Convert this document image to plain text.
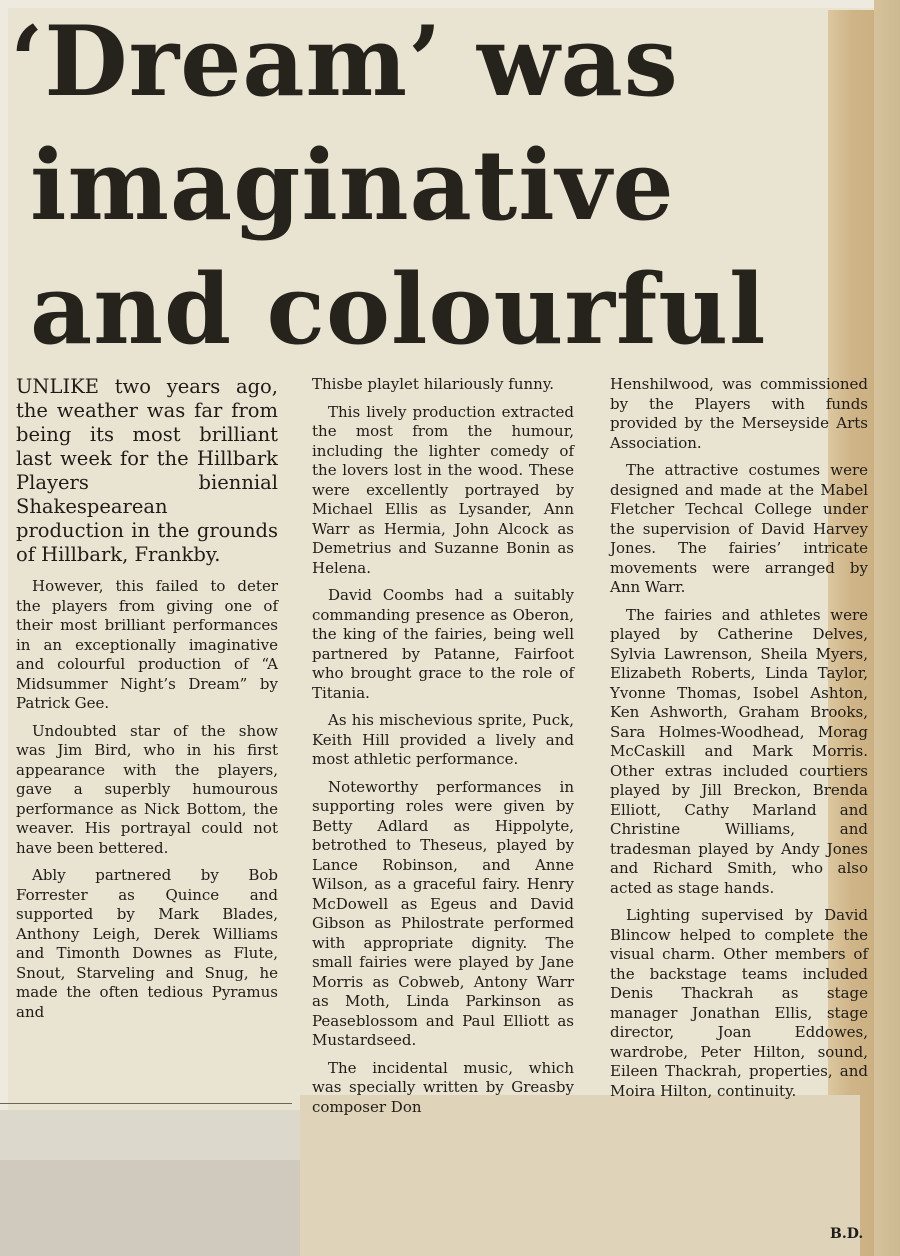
‘Dream’ was
imaginative
and colourful

UNLIKE two years ago, the weather was far from being its most brilliant last week for the Hillbark Players biennial Shakespearean production in the grounds of Hillbark, Frankby.

However, this failed to deter the players from giving one of their most brilliant performances in an exceptionally imaginative and colourful production of “A Midsummer Night’s Dream” by Patrick Gee.

Undoubted star of the show was Jim Bird, who in his first appearance with the players, gave a superbly humourous performance as Nick Bottom, the weaver. His portrayal could not have been bettered.

Ably partnered by Bob Forrester as Quince and supported by Mark Blades, Anthony Leigh, Derek Williams and Timonth Downes as Flute, Snout, Starveling and Snug, he made the often tedious Pyramus and

Thisbe playlet hilariously funny.

This lively production extracted the most from the humour, including the lighter comedy of the lovers lost in the wood. These were excellently portrayed by Michael Ellis as Lysander, Ann Warr as Hermia, John Alcock as Demetrius and Suzanne Bonin as Helena.

David Coombs had a suitably commanding presence as Oberon, the king of the fairies, being well partnered by Patanne, Fairfoot who brought grace to the role of Titania.

As his mischevious sprite, Puck, Keith Hill provided a lively and most athletic performance.

Noteworthy performances in supporting roles were given by Betty Adlard as Hippolyte, betrothed to Theseus, played by Lance Robinson, and Anne Wilson, as a graceful fairy. Henry McDowell as Egeus and David Gibson as Philostrate performed with appropriate dignity. The small fairies were played by Jane Morris as Cobweb, Antony Warr as Moth, Linda Parkinson as Peaseblossom and Paul Elliott as Mustardseed.

The incidental music, which was specially written by Greasby composer Don

Henshilwood, was commissioned by the Players with funds provided by the Merseyside Arts Association.

The attractive costumes were designed and made at the Mabel Fletcher Techcal College under the supervision of David Harvey Jones. The fairies’ intricate movements were arranged by Ann Warr.

The fairies and athletes were played by Catherine Delves, Sylvia Lawrenson, Sheila Myers, Elizabeth Roberts, Linda Taylor, Yvonne Thomas, Isobel Ashton, Ken Ashworth, Graham Brooks, Sara Holmes-Woodhead, Morag McCaskill and Mark Morris. Other extras included courtiers played by Jill Breckon, Brenda Elliott, Cathy Marland and Christine Williams, and tradesman played by Andy Jones and Richard Smith, who also acted as stage hands.

Lighting supervised by David Blincow helped to complete the visual charm. Other members of the backstage teams included Denis Thackrah as stage manager Jonathan Ellis, stage director, Joan Eddowes, wardrobe, Peter Hilton, sound, Eileen Thackrah, properties, and Moira Hilton, continuity.

B.D.
